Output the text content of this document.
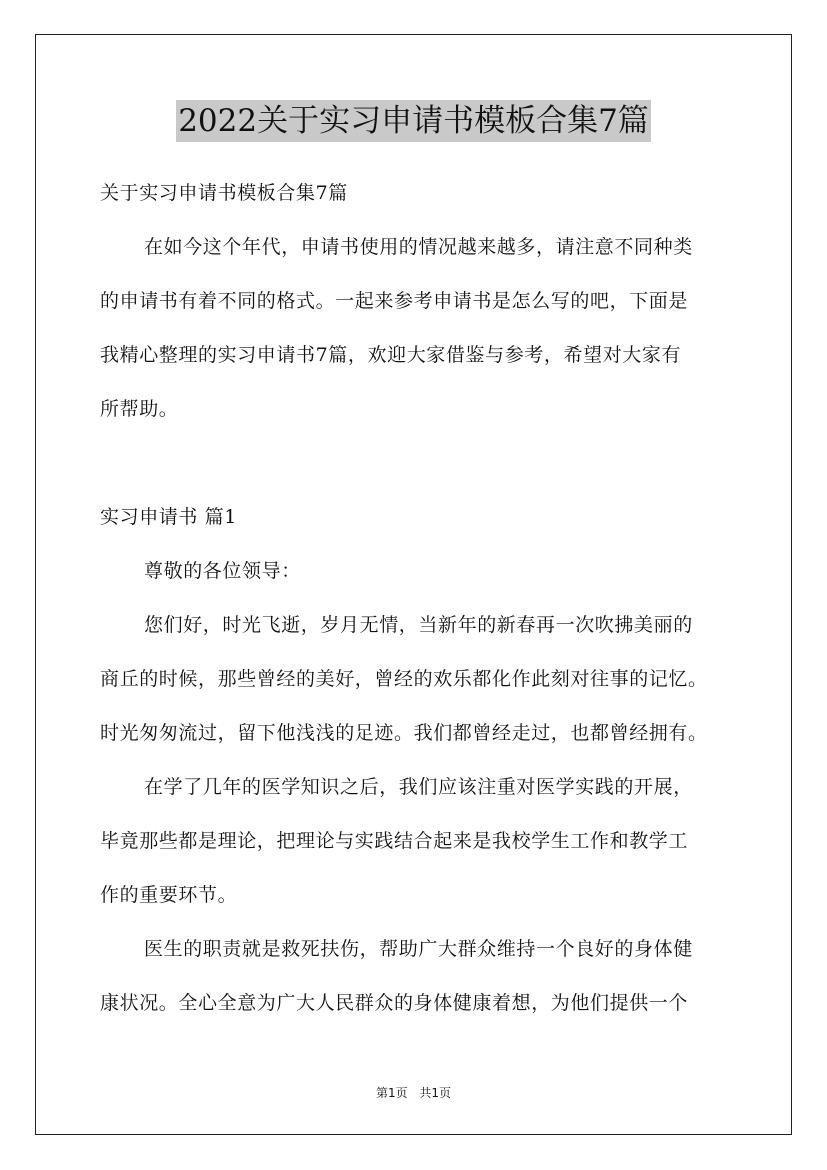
2022关于实习申请书模板合集7篇
关于实习申请书模板合集7篇
在如今这个年代，申请书使用的情况越来越多，请注意不同种类
的申请书有着不同的格式。一起来参考申请书是怎么写的吧，下面是
我精心整理的实习申请书7篇，欢迎大家借鉴与参考，希望对大家有
所帮助。
实习申请书 篇1
尊敬的各位领导：
您们好，时光飞逝，岁月无情，当新年的新春再一次吹拂美丽的
商丘的时候，那些曾经的美好，曾经的欢乐都化作此刻对往事的记忆。
时光匆匆流过，留下他浅浅的足迹。我们都曾经走过，也都曾经拥有。
在学了几年的医学知识之后，我们应该注重对医学实践的开展，
毕竟那些都是理论，把理论与实践结合起来是我校学生工作和教学工
作的重要环节。
医生的职责就是救死扶伤，帮助广大群众维持一个良好的身体健
康状况。全心全意为广大人民群众的身体健康着想，为他们提供一个
第1页 共1页
